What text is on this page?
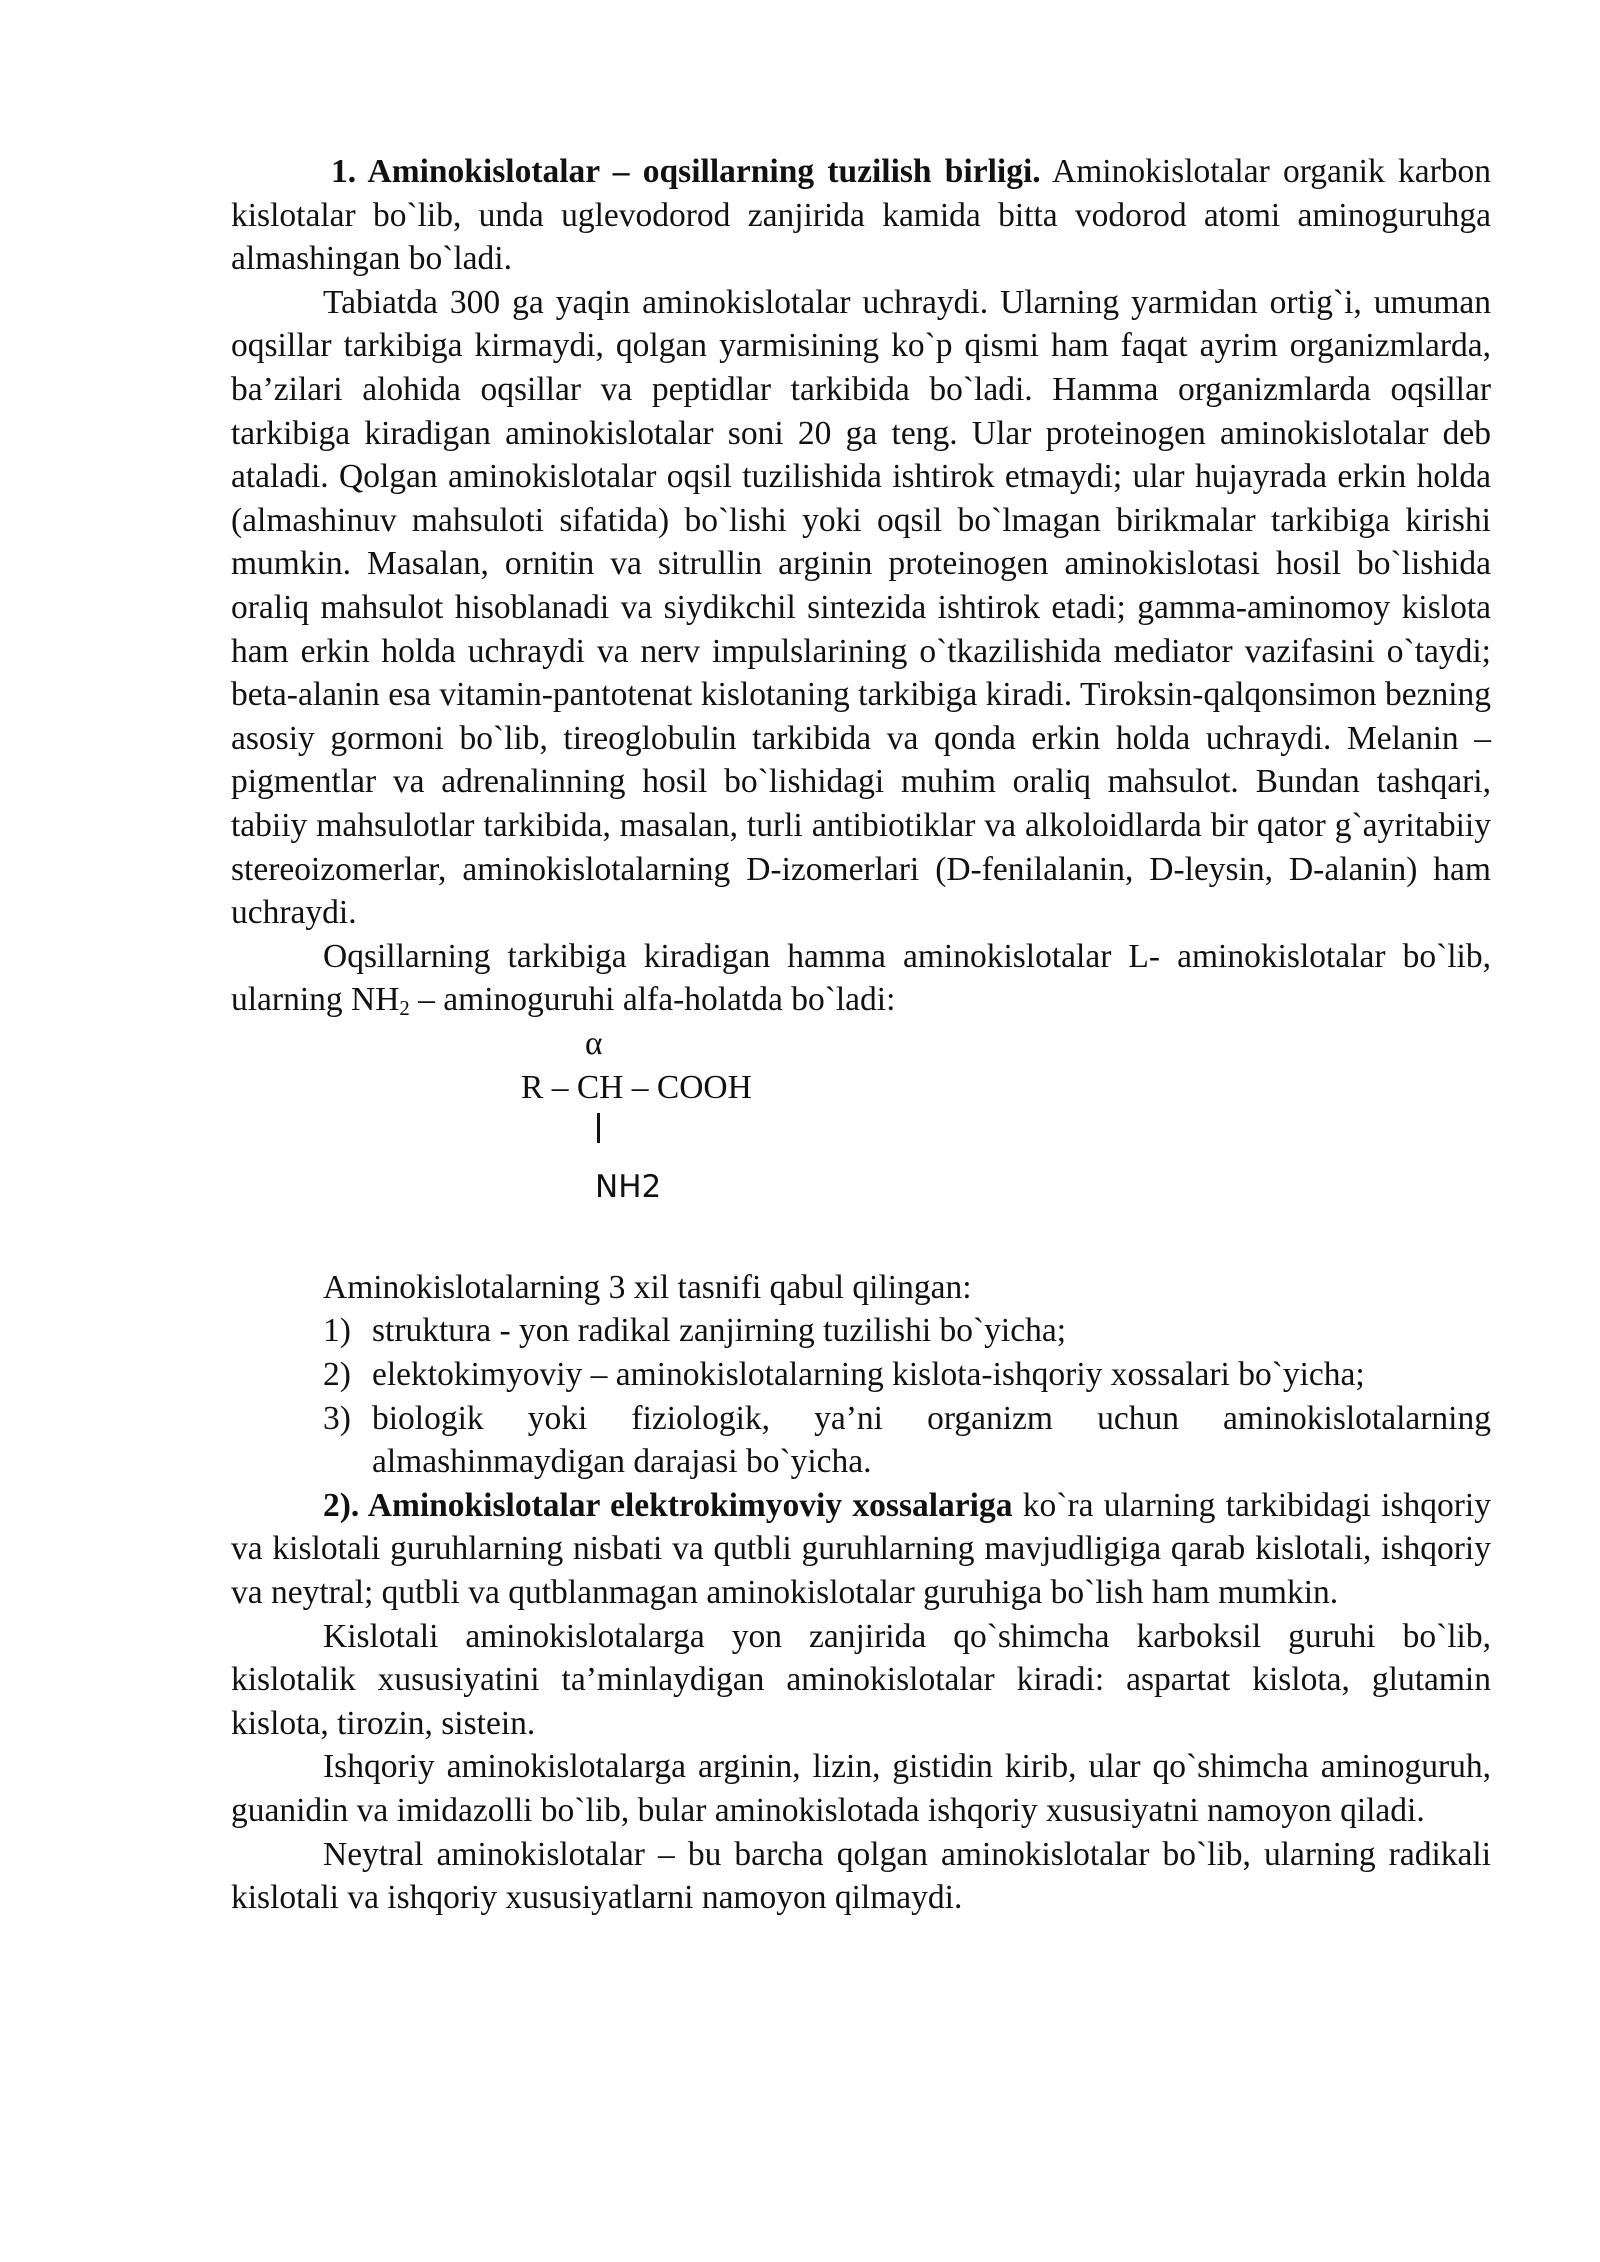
1. Aminokislotalar – oqsillarning tuzilish birligi. Aminokislotalar organik karbon kislotalar bo`lib, unda uglevodorod zanjirida kamida bitta vodorod atomi aminoguruhga almashingan bo`ladi.

Tabiatda 300 ga yaqin aminokislotalar uchraydi. Ularning yarmidan ortig`i, umuman oqsillar tarkibiga kirmaydi, qolgan yarmisining ko`p qismi ham faqat ayrim organizmlarda, ba’zilari alohida oqsillar va peptidlar tarkibida bo`ladi. Hamma organizmlarda oqsillar tarkibiga kiradigan aminokislotalar soni 20 ga teng. Ular proteinogen aminokislotalar deb ataladi. Qolgan aminokislotalar oqsil tuzilishida ishtirok etmaydi; ular hujayrada erkin holda (almashinuv mahsuloti sifatida) bo`lishi yoki oqsil bo`lmagan birikmalar tarkibiga kirishi mumkin. Masalan, ornitin va sitrullin arginin proteinogen aminokislotasi hosil bo`lishida oraliq mahsulot hisoblanadi va siydikchil sintezida ishtirok etadi; gamma-aminomoy kislota ham erkin holda uchraydi va nerv impulslarining o`tkazilishida mediator vazifasini o`taydi; beta-alanin esa vitamin-pantotenat kislotaning tarkibiga kiradi. Tiroksin-qalqonsimon bezning asosiy gormoni bo`lib, tireoglobulin tarkibida va qonda erkin holda uchraydi. Melanin – pigmentlar va adrenalinning hosil bo`lishidagi muhim oraliq mahsulot. Bundan tashqari, tabiiy mahsulotlar tarkibida, masalan, turli antibiotiklar va alkoloidlarda bir qator g`ayritabiiy stereoizomerlar, aminokislotalarning D-izomerlari (D-fenilalanin, D-leysin, D-alanin) ham uchraydi.

Oqsillarning tarkibiga kiradigan hamma aminokislotalar L- aminokislotalar bo`lib, ularning $NH_2$ – aminoguruhi alfa-holatda bo`ladi:

α
R – CH – COOH
NH2

Aminokislotalarning 3 xil tasnifi qabul qilingan:

1) struktura - yon radikal zanjirning tuzilishi bo`yicha;
2) elektokimyoviy – aminokislotalarning kislota-ishqoriy xossalari bo`yicha;
3) biologik yoki fiziologik, ya’ni organizm uchun aminokislotalarning almashinmaydigan darajasi bo`yicha.

2). Aminokislotalar elektrokimyoviy xossalariga ko`ra ularning tarkibidagi ishqoriy va kislotali guruhlarning nisbati va qutbli guruhlarning mavjudligiga qarab kislotali, ishqoriy va neytral; qutbli va qutblanmagan aminokislotalar guruhiga bo`lish ham mumkin.

Kislotali aminokislotalarga yon zanjirida qo`shimcha karboksil guruhi bo`lib, kislotalik xususiyatini ta’minlaydigan aminokislotalar kiradi: aspartat kislota, glutamin kislota, tirozin, sistein.

Ishqoriy aminokislotalarga arginin, lizin, gistidin kirib, ular qo`shimcha aminoguruh, guanidin va imidazolli bo`lib, bular aminokislotada ishqoriy xususiyatni namoyon qiladi.

Neytral aminokislotalar – bu barcha qolgan aminokislotalar bo`lib, ularning radikali kislotali va ishqoriy xususiyatlarni namoyon qilmaydi.
